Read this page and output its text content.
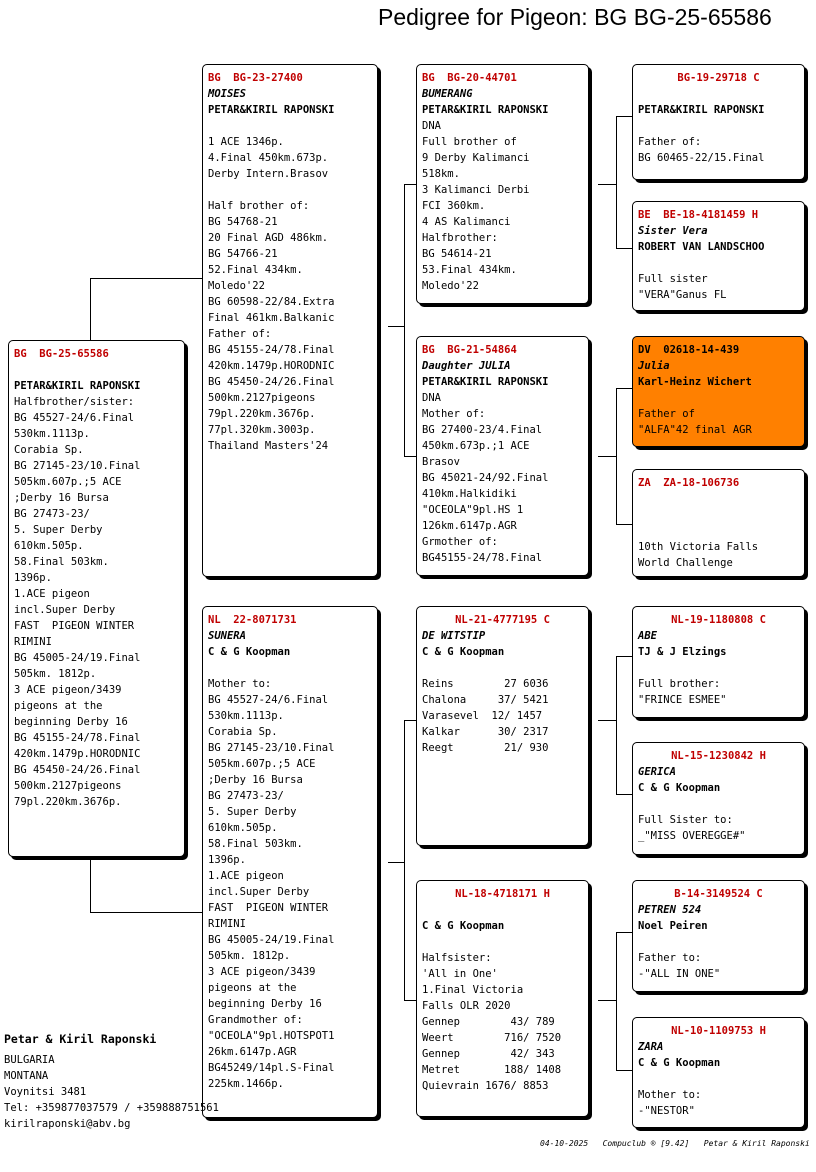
Pedigree for Pigeon: BG BG-25-65586
BG  BG-25-65586
PETAR&KIRIL RAPONSKI
Halfbrother/sister:
BG 45527-24/6.Final
530km.1113p.
Corabia Sp.
BG 27145-23/10.Final
505km.607p.;5 ACE
;Derby 16 Bursa
BG 27473-23/
5. Super Derby
610km.505p.
58.Final 503km.
1396p.
1.ACE pigeon
incl.Super Derby
FAST  PIGEON WINTER
RIMINI
BG 45005-24/19.Final
505km. 1812p.
3 ACE pigeon/3439
pigeons at the
beginning Derby 16
BG 45155-24/78.Final
420km.1479p.HORODNIC
BG 45450-24/26.Final
500km.2127pigeons
79pl.220km.3676p.
BG  BG-23-27400
MOISES
PETAR&KIRIL RAPONSKI

1 ACE 1346p.
4.Final 450km.673p.
Derby Intern.Brasov

Half brother of:
BG 54768-21
20 Final AGD 486km.
BG 54766-21
52.Final 434km.
Moledo'22
BG 60598-22/84.Extra
Final 461km.Balkanic
Father of:
BG 45155-24/78.Final
420km.1479p.HORODNIC
BG 45450-24/26.Final
500km.2127pigeons
79pl.220km.3676p.
77pl.320km.3003p.
Thailand Masters'24
NL  22-8071731
SUNERA
C & G Koopman

Mother to:
BG 45527-24/6.Final
530km.1113p.
Corabia Sp.
BG 27145-23/10.Final
505km.607p.;5 ACE
;Derby 16 Bursa
BG 27473-23/
5. Super Derby
610km.505p.
58.Final 503km.
1396p.
1.ACE pigeon
incl.Super Derby
FAST  PIGEON WINTER
RIMINI
BG 45005-24/19.Final
505km. 1812p.
3 ACE pigeon/3439
pigeons at the
beginning Derby 16
Grandmother of:
"OCEOLA"9pl.HOTSPOT1
26km.6147p.AGR
BG45249/14pl.S-Final
225km.1466p.
BG  BG-20-44701
BUMERANG
PETAR&KIRIL RAPONSKI
DNA
Full brother of
9 Derby Kalimanci
518km.
3 Kalimanci Derbi
FCI 360km.
4 AS Kalimanci
Halfbrother:
BG 54614-21
53.Final 434km.
Moledo'22
BG  BG-21-54864
Daughter JULIA
PETAR&KIRIL RAPONSKI
DNA
Mother of:
BG 27400-23/4.Final
450km.673p.;1 ACE
Brasov
BG 45021-24/92.Final
410km.Halkidiki
"OCEOLA"9pl.HS 1
126km.6147p.AGR
Grmother of:
BG45155-24/78.Final
NL-21-4777195 C
DE WITSTIP
C & G Koopman

Reins        27 6036
Chalona     37/ 5421
Varasevel  12/ 1457
Kalkar      30/ 2317
Reegt        21/ 930
NL-18-4718171 H
C & G Koopman

Halfsister:
'All in One'
1.Final Victoria
Falls OLR 2020
Gennep        43/ 789
Weert        716/ 7520
Gennep        42/ 343
Metret       188/ 1408
Quievrain 1676/ 8853
BG-19-29718 C
PETAR&KIRIL RAPONSKI

Father of:
BG 60465-22/15.Final
BE  BE-18-4181459 H
Sister Vera
ROBERT VAN LANDSCHOO

Full sister
"VERA"Ganus FL
DV  02618-14-439
Julia
Karl-Heinz Wichert

Father of
"ALFA"42 final AGR
ZA  ZA-18-106736

10th Victoria Falls
World Challenge
NL-19-1180808 C
ABE
TJ & J Elzings

Full brother:
"FRINCE ESMEE"
NL-15-1230842 H
GERICA
C & G Koopman

Full Sister to:
_"MISS OVEREGGE#"
B-14-3149524 C
PETREN 524
Noel Peiren

Father to:
-"ALL IN ONE"
NL-10-1109753 H
ZARA
C & G Koopman

Mother to:
-"NESTOR"
Petar & Kiril Raponski
BULGARIA
MONTANA
Voynitsi 3481
Tel: +359877037579 / +359888751561
kirilraponski@abv.bg
04-10-2025   Compuclub ® [9.42]   Petar & Kiril Raponski
